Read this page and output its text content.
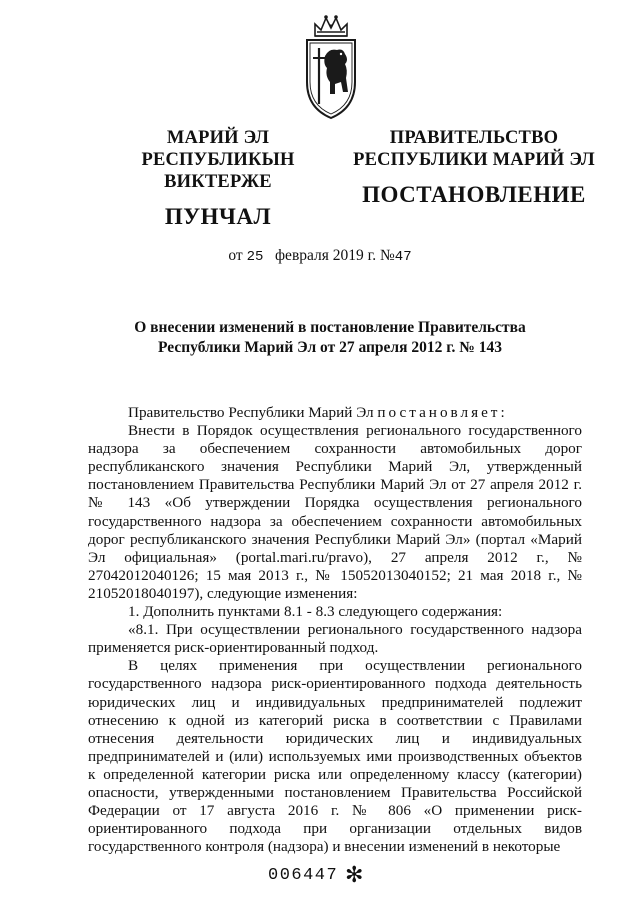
МАРИЙ ЭЛ РЕСПУБЛИКЫН
ВИКТЕРЖЕ
ПУНЧАЛ
ПРАВИТЕЛЬСТВО
РЕСПУБЛИКИ МАРИЙ ЭЛ
ПОСТАНОВЛЕНИЕ
от 25 февраля 2019 г. №47
О внесении изменений в постановление Правительства
Республики Марий Эл от 27 апреля 2012 г. № 143

Правительство Республики Марий Эл постановляет:

Внести в Порядок осуществления регионального государственного надзора за обеспечением сохранности автомобильных дорог республиканского значения Республики Марий Эл, утвержденный постановлением Правительства Республики Марий Эл от 27 апреля 2012 г. № 143 «Об утверждении Порядка осуществления регионального государственного надзора за обеспечением сохранности автомобильных дорог республиканского значения Республики Марий Эл» (портал «Марий Эл официальная» (portal.mari.ru/pravo), 27 апреля 2012 г., № 27042012040126; 15 мая 2013 г., № 15052013040152; 21 мая 2018 г., № 21052018040197), следующие изменения:

1. Дополнить пунктами 8.1 - 8.3 следующего содержания:

«8.1. При осуществлении регионального государственного надзора применяется риск-ориентированный подход.

В целях применения при осуществлении регионального государственного надзора риск-ориентированного подхода деятельность юридических лиц и индивидуальных предпринимателей подлежит отнесению к одной из категорий риска в соответствии с Правилами отнесения деятельности юридических лиц и индивидуальных предпринимателей и (или) используемых ими производственных объектов к определенной категории риска или определенному классу (категории) опасности, утвержденными постановлением Правительства Российской Федерации от 17 августа 2016 г. № 806 «О применении риск-ориентированного подхода при организации отдельных видов государственного контроля (надзора) и внесении изменений в некоторые

006447 ✻
